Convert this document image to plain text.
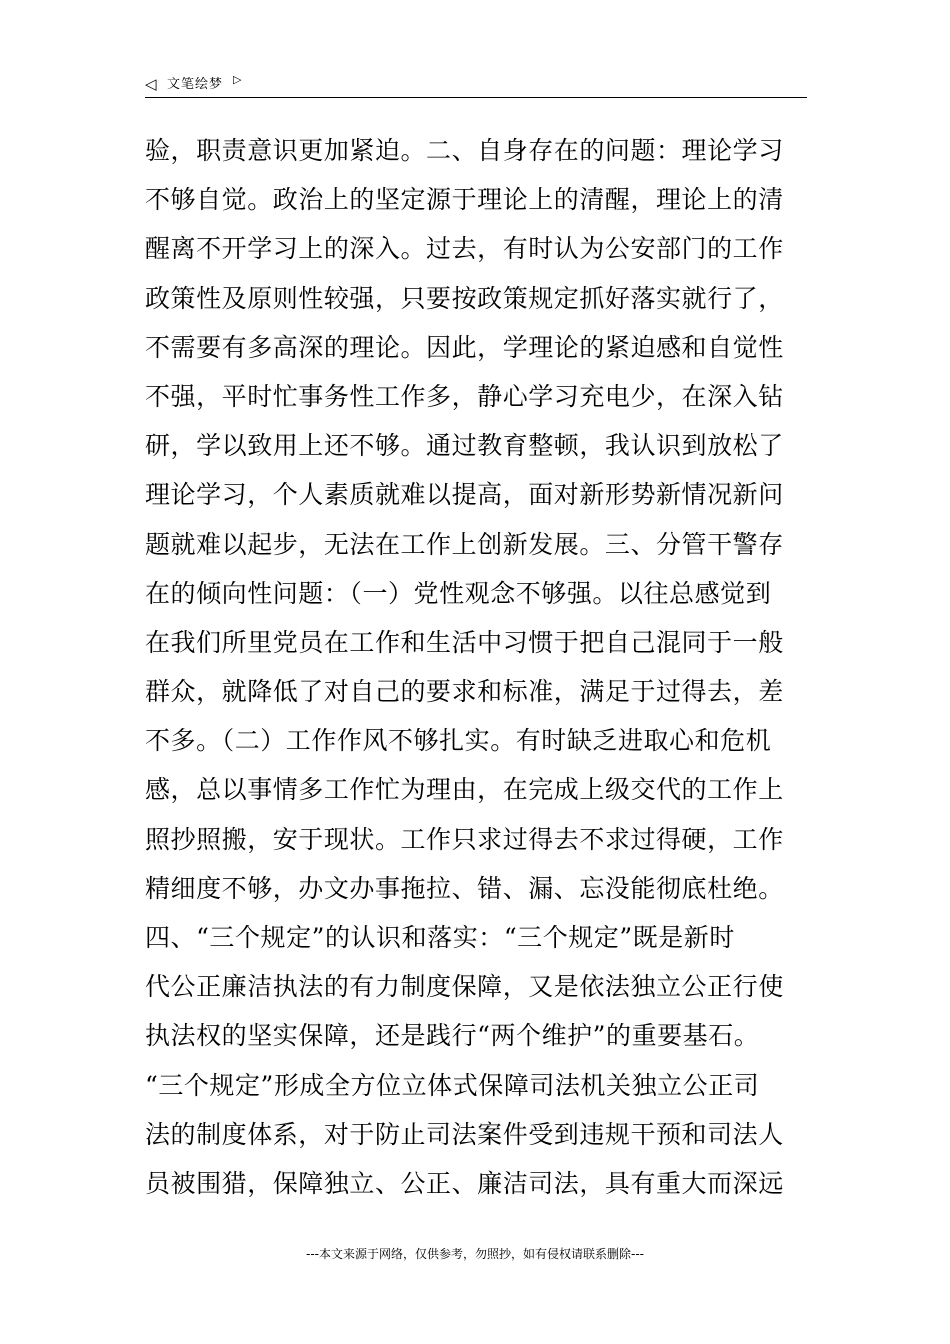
◁ 文笔绘梦 ▷
验，职责意识更加紧迫。二、自身存在的问题：理论学习
不够自觉。政治上的坚定源于理论上的清醒，理论上的清
醒离不开学习上的深入。过去，有时认为公安部门的工作
政策性及原则性较强，只要按政策规定抓好落实就行了，
不需要有多高深的理论。因此，学理论的紧迫感和自觉性
不强，平时忙事务性工作多，静心学习充电少，在深入钻
研，学以致用上还不够。通过教育整顿，我认识到放松了
理论学习，个人素质就难以提高，面对新形势新情况新问
题就难以起步，无法在工作上创新发展。三、分管干警存
在的倾向性问题：（一）党性观念不够强。以往总感觉到
在我们所里党员在工作和生活中习惯于把自己混同于一般
群众，就降低了对自己的要求和标准，满足于过得去，差
不多。（二）工作作风不够扎实。有时缺乏进取心和危机
感，总以事情多工作忙为理由，在完成上级交代的工作上
照抄照搬，安于现状。工作只求过得去不求过得硬，工作
精细度不够，办文办事拖拉、错、漏、忘没能彻底杜绝。
四、“三个规定”的认识和落实：“三个规定”既是新时
代公正廉洁执法的有力制度保障，又是依法独立公正行使
执法权的坚实保障，还是践行“两个维护”的重要基石。
“三个规定”形成全方位立体式保障司法机关独立公正司
法的制度体系，对于防止司法案件受到违规干预和司法人
员被围猎，保障独立、公正、廉洁司法，具有重大而深远
---本文来源于网络，仅供参考，勿照抄，如有侵权请联系删除---
